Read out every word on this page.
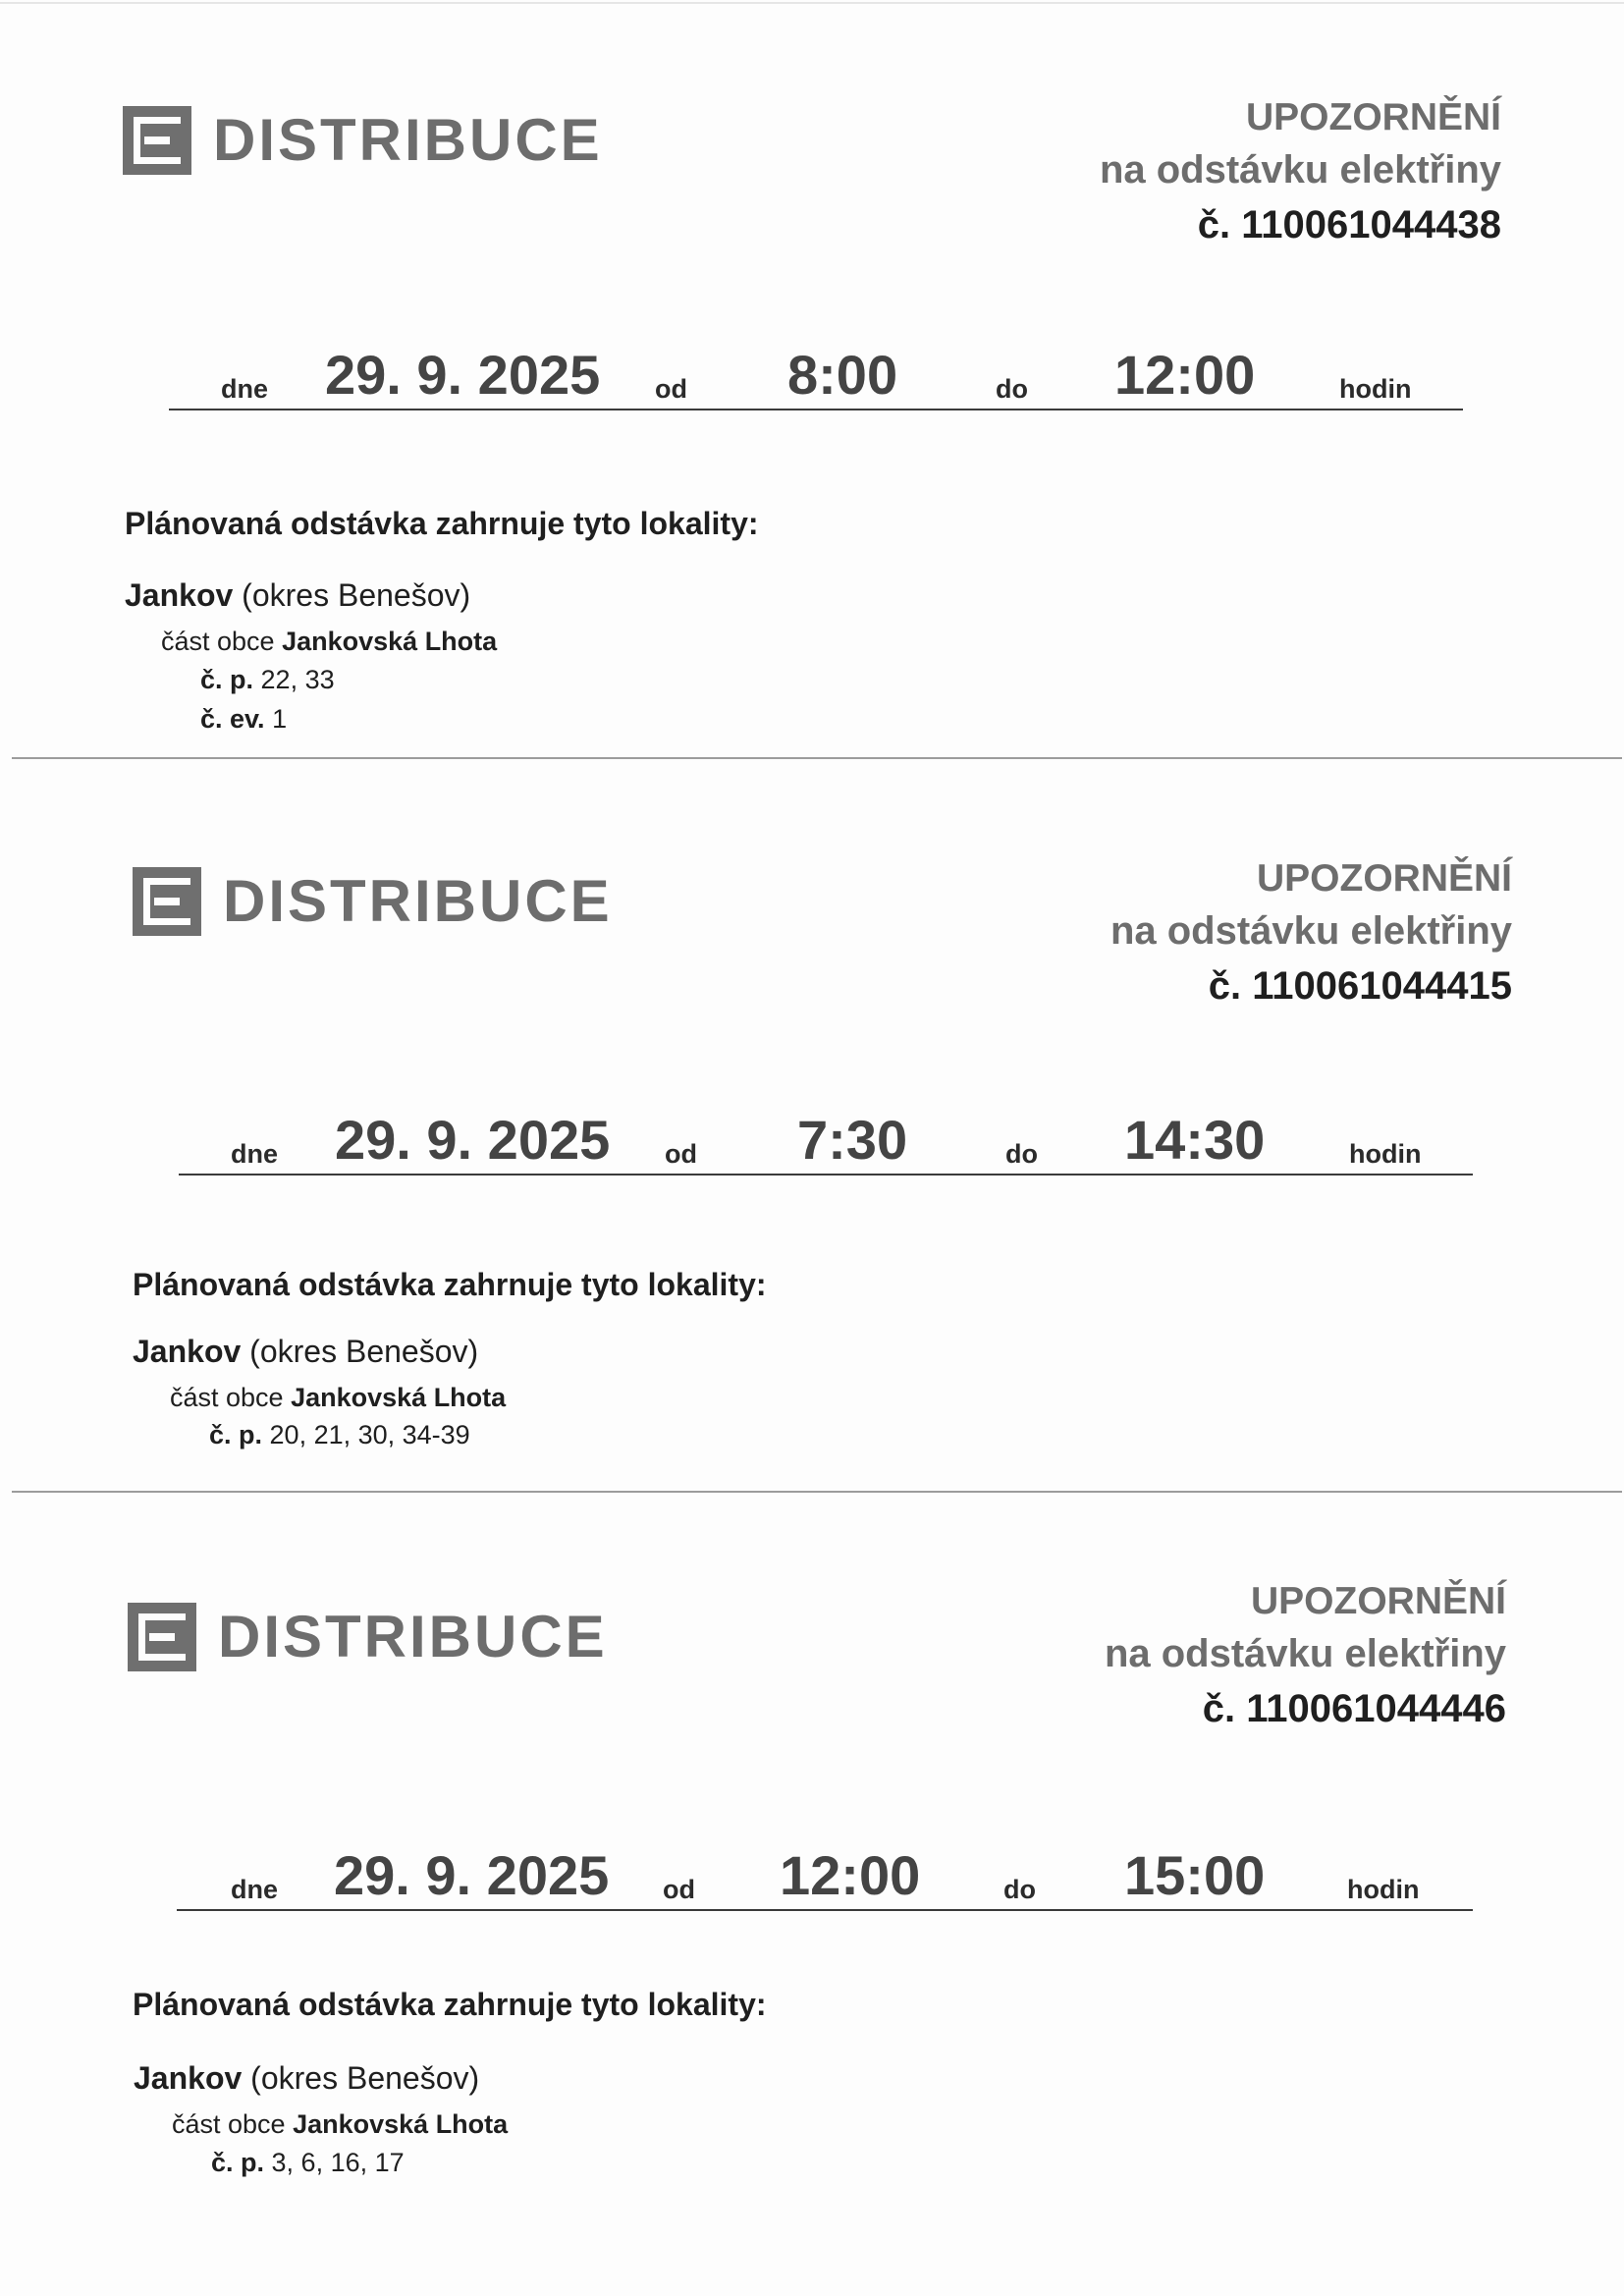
DISTRIBUCE	UPOZORNĚNÍ
na odstávku elektřiny
č. 110061044438
dne 29. 9. 2025 od 8:00	do 12:00	hodin
Plánovaná odstávka zahrnuje tyto lokality:
Jankov (okres Benešov)
část obce Jankovská Lhota
č. p. 22, 33
č. ev. 1
DISTRIBUCE	UPOZORNĚNÍ
na odstávku elektřiny
č. 110061044415
dne 29. 9. 2025 od 7:30	do 14:30	hodin
Plánovaná odstávka zahrnuje tyto lokality:
Jankov (okres Benešov)
část obce Jankovská Lhota
č. p. 20, 21, 30, 34-39
DISTRIBUCE
UPOZORNĚNÍ
na odstávku elektřiny
č. 110061044446
dne 29. 9. 2025 od 12:00	do 15:00	hodin
Plánovaná odstávka zahrnuje tyto lokality:
Jankov (okres Benešov)
část obce Jankovská Lhota
č. p. 3, 6, 16, 17
